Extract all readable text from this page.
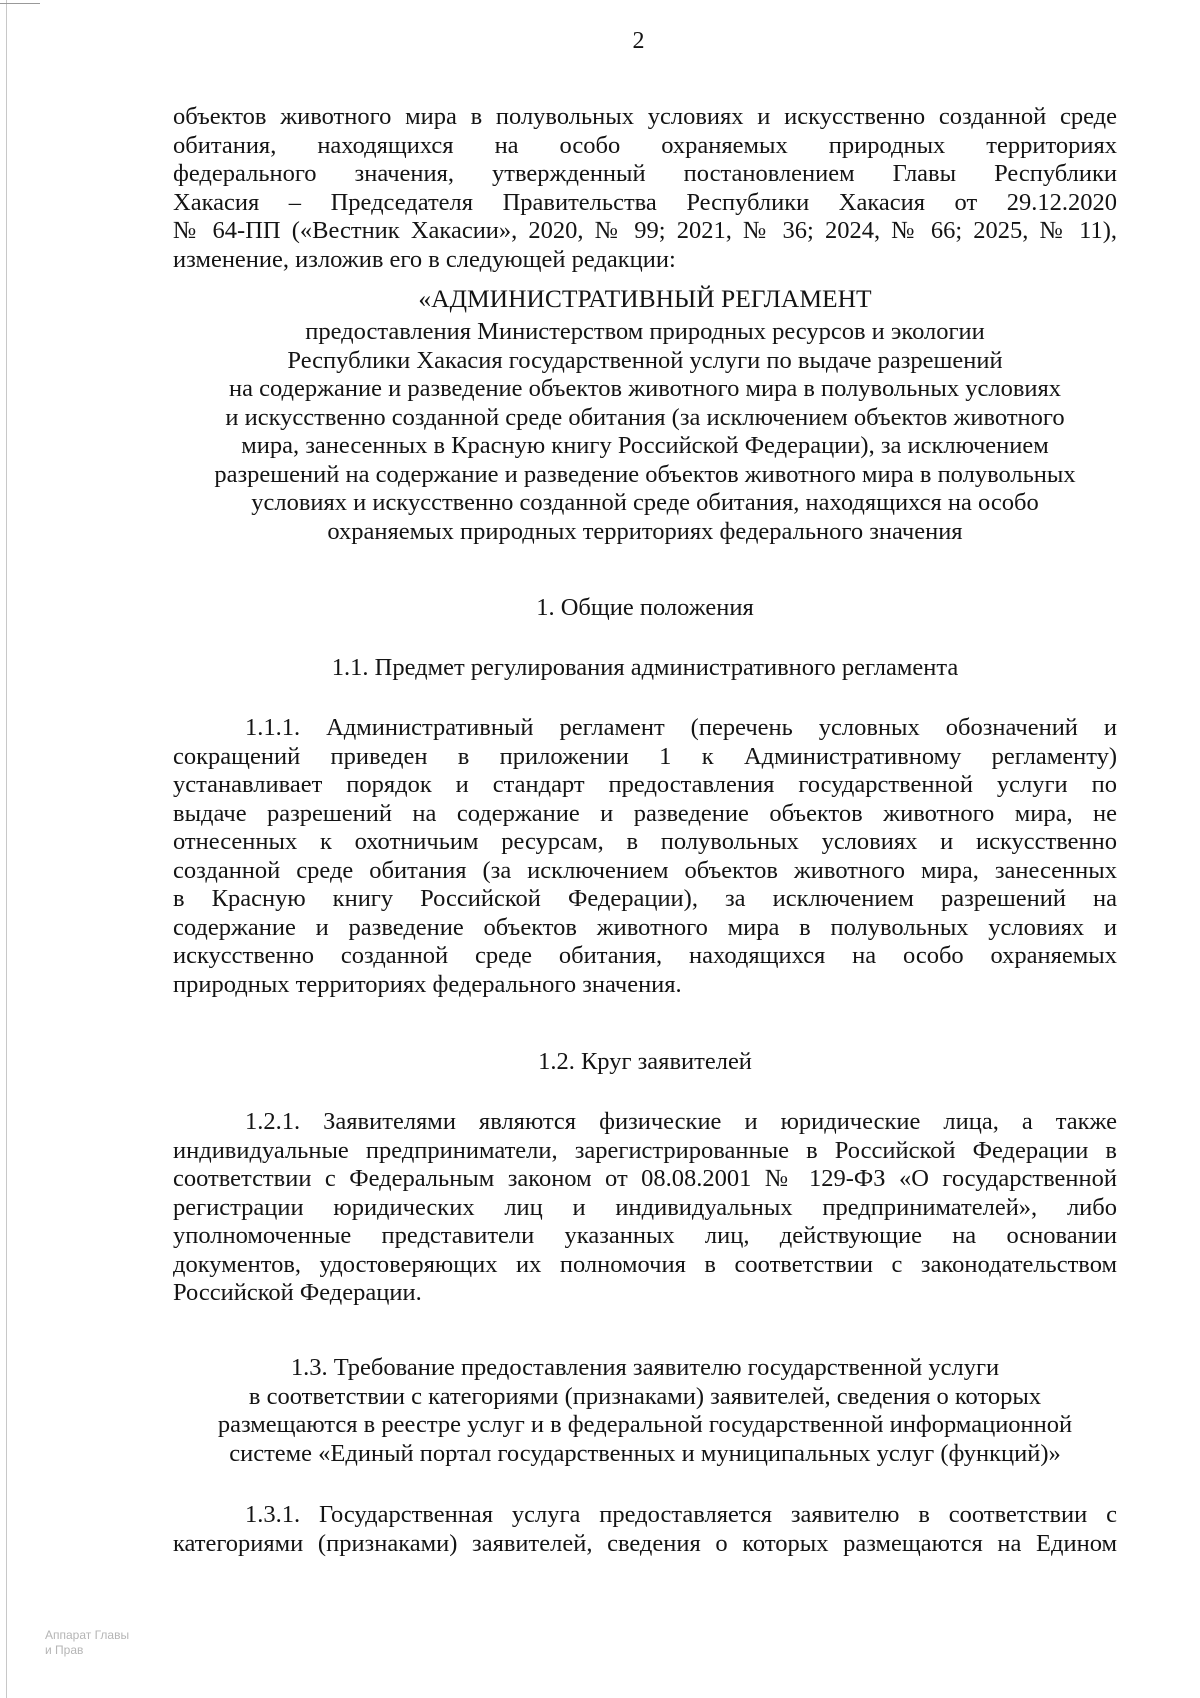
2
объектов животного мира в полувольных условиях и искусственно созданной среде
обитания, находящихся на особо охраняемых природных территориях
федерального значения, утвержденный постановлением Главы Республики
Хакасия – Председателя Правительства Республики Хакасия от 29.12.2020
№ 64-ПП («Вестник Хакасии», 2020, № 99; 2021, № 36; 2024, № 66; 2025, № 11),
изменение, изложив его в следующей редакции:
«АДМИНИСТРАТИВНЫЙ РЕГЛАМЕНТ
предоставления Министерством природных ресурсов и экологии
Республики Хакасия государственной услуги по выдаче разрешений
на содержание и разведение объектов животного мира в полувольных условиях
и искусственно созданной среде обитания (за исключением объектов животного
мира, занесенных в Красную книгу Российской Федерации), за исключением
разрешений на содержание и разведение объектов животного мира в полувольных
условиях и искусственно созданной среде обитания, находящихся на особо
охраняемых природных территориях федерального значения
1. Общие положения
1.1. Предмет регулирования административного регламента
1.1.1. Административный регламент (перечень условных обозначений и
сокращений приведен в приложении 1 к Административному регламенту)
устанавливает порядок и стандарт предоставления государственной услуги по
выдаче разрешений на содержание и разведение объектов животного мира, не
отнесенных к охотничьим ресурсам, в полувольных условиях и искусственно
созданной среде обитания (за исключением объектов животного мира, занесенных
в Красную книгу Российской Федерации), за исключением разрешений на
содержание и разведение объектов животного мира в полувольных условиях и
искусственно созданной среде обитания, находящихся на особо охраняемых
природных территориях федерального значения.
1.2. Круг заявителей
1.2.1. Заявителями являются физические и юридические лица, а также
индивидуальные предприниматели, зарегистрированные в Российской Федерации в
соответствии с Федеральным законом от 08.08.2001 № 129-ФЗ «О государственной
регистрации юридических лиц и индивидуальных предпринимателей», либо
уполномоченные представители указанных лиц, действующие на основании
документов, удостоверяющих их полномочия в соответствии с законодательством
Российской Федерации.
1.3. Требование предоставления заявителю государственной услуги
в соответствии с категориями (признаками) заявителей, сведения о которых
размещаются в реестре услуг и в федеральной государственной информационной
системе «Единый портал государственных и муниципальных услуг (функций)»
1.3.1. Государственная услуга предоставляется заявителю в соответствии с
категориями (признаками) заявителей, сведения о которых размещаются на Едином
Аппарат Главы
и Прав
